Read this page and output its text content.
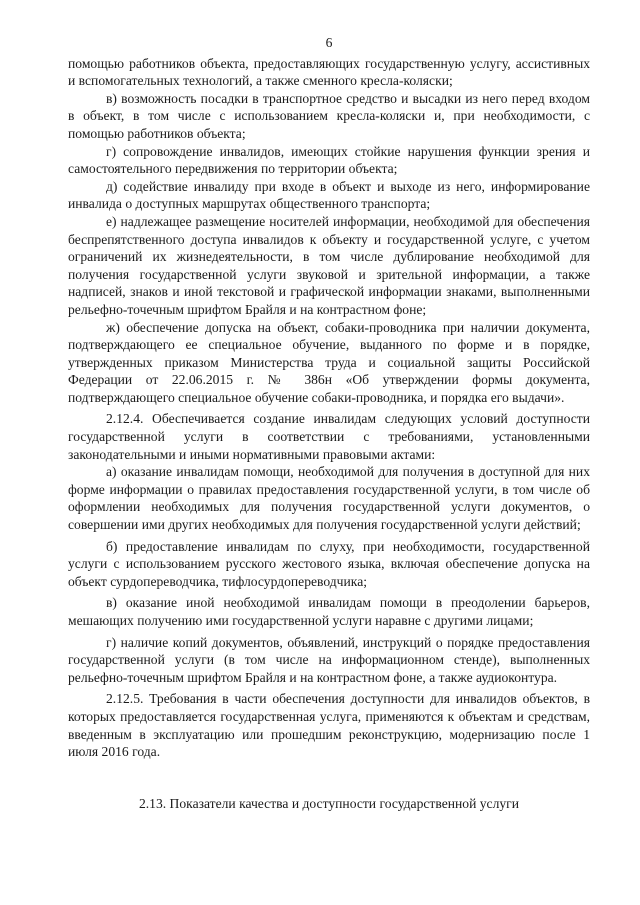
6

помощью работников объекта, предоставляющих государственную услугу, ассистивных и вспомогательных технологий, а также сменного кресла-коляски;

в) возможность посадки в транспортное средство и высадки из него перед входом в объект, в том числе с использованием кресла-коляски и, при необходимости, с помощью работников объекта;

г) сопровождение инвалидов, имеющих стойкие нарушения функции зрения и самостоятельного передвижения по территории объекта;

д) содействие инвалиду при входе в объект и выходе из него, информирование инвалида о доступных маршрутах общественного транспорта;

е) надлежащее размещение носителей информации, необходимой для обеспечения беспрепятственного доступа инвалидов к объекту и государственной услуге, с учетом ограничений их жизнедеятельности, в том числе дублирование необходимой для получения государственной услуги звуковой и зрительной информации, а также надписей, знаков и иной текстовой и графической информации знаками, выполненными рельефно-точечным шрифтом Брайля и на контрастном фоне;

ж) обеспечение допуска на объект, собаки-проводника при наличии документа, подтверждающего ее специальное обучение, выданного по форме и в порядке, утвержденных приказом Министерства труда и социальной защиты Российской Федерации от 22.06.2015 г. № 386н «Об утверждении формы документа, подтверждающего специальное обучение собаки-проводника, и порядка его выдачи».

2.12.4. Обеспечивается создание инвалидам следующих условий доступности государственной услуги в соответствии с требованиями, установленными законодательными и иными нормативными правовыми актами:

а) оказание инвалидам помощи, необходимой для получения в доступной для них форме информации о правилах предоставления государственной услуги, в том числе об оформлении необходимых для получения государственной услуги документов, о совершении ими других необходимых для получения государственной услуги действий;

б) предоставление инвалидам по слуху, при необходимости, государственной услуги с использованием русского жестового языка, включая обеспечение допуска на объект сурдопереводчика, тифлосурдопереводчика;

в) оказание иной необходимой инвалидам помощи в преодолении барьеров, мешающих получению ими государственной услуги наравне с другими лицами;

г) наличие копий документов, объявлений, инструкций о порядке предоставления государственной услуги (в том числе на информационном стенде), выполненных рельефно-точечным шрифтом Брайля и на контрастном фоне, а также аудиоконтура.

2.12.5. Требования в части обеспечения доступности для инвалидов объектов, в которых предоставляется государственная услуга, применяются к объектам и средствам, введенным в эксплуатацию или прошедшим реконструкцию, модернизацию после 1 июля 2016 года.

2.13. Показатели качества и доступности государственной услуги
